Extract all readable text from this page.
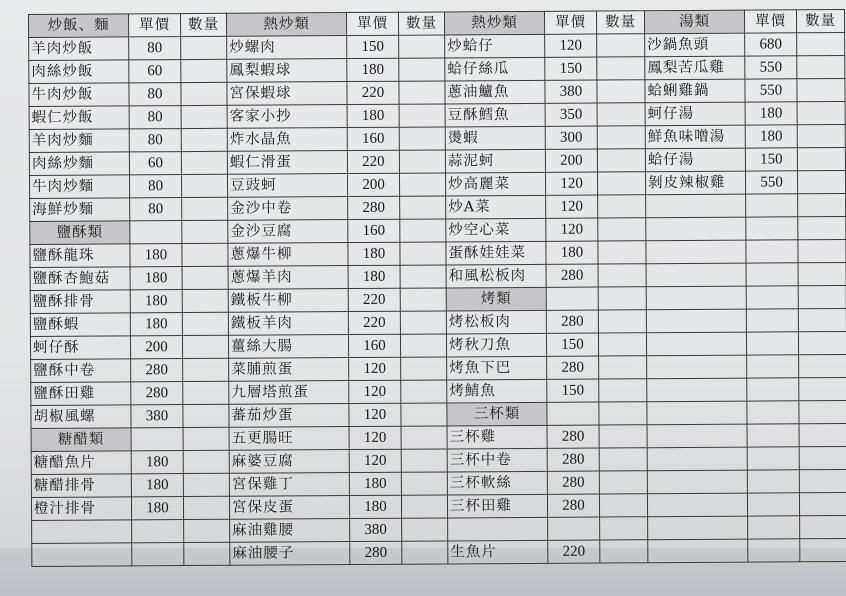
炒飯、麵	單價	數量	熱炒類	單價	數量	熱炒類	單價	數量	湯類	單價	數量
羊肉炒飯	80		炒螺肉	150		炒蛤仔	120		沙鍋魚頭	680	
肉絲炒飯	60		鳳梨蝦球	180		蛤仔絲瓜	150		鳳梨苦瓜雞	550	
牛肉炒飯	80		宮保蝦球	220		蔥油鱸魚	380		蛤蜊雞鍋	550	
蝦仁炒飯	80		客家小抄	180		豆酥鱈魚	350		蚵仔湯	180	
羊肉炒麵	80		炸水晶魚	160		燙蝦	300		鮮魚味噌湯	180	
肉絲炒麵	60		蝦仁滑蛋	220		蒜泥蚵	200		蛤仔湯	150	
牛肉炒麵	80		豆豉蚵	200		炒高麗菜	120		剝皮辣椒雞	550	
海鮮炒麵	80		金沙中卷	280		炒A菜	120				
鹽酥類			金沙豆腐	160		炒空心菜	120				
鹽酥龍珠	180		蔥爆牛柳	180		蛋酥娃娃菜	180				
鹽酥杏鮑菇	180		蔥爆羊肉	180		和風松板肉	280				
鹽酥排骨	180		鐵板牛柳	220		烤類					
鹽酥蝦	180		鐵板羊肉	220		烤松板肉	280				
蚵仔酥	200		薑絲大腸	160		烤秋刀魚	150				
鹽酥中卷	280		菜脯煎蛋	120		烤魚下巴	280				
鹽酥田雞	280		九層塔煎蛋	120		烤鯖魚	150				
胡椒風螺	380		蕃茄炒蛋	120		三杯類					
糖醋類			五更腸旺	120		三杯雞	280				
糖醋魚片	180		麻婆豆腐	120		三杯中卷	280				
糖醋排骨	180		宮保雞丁	180		三杯軟絲	280				
橙汁排骨	180		宮保皮蛋	180		三杯田雞	280				
			麻油雞腰	380							
			麻油腰子	280		生魚片	220				
